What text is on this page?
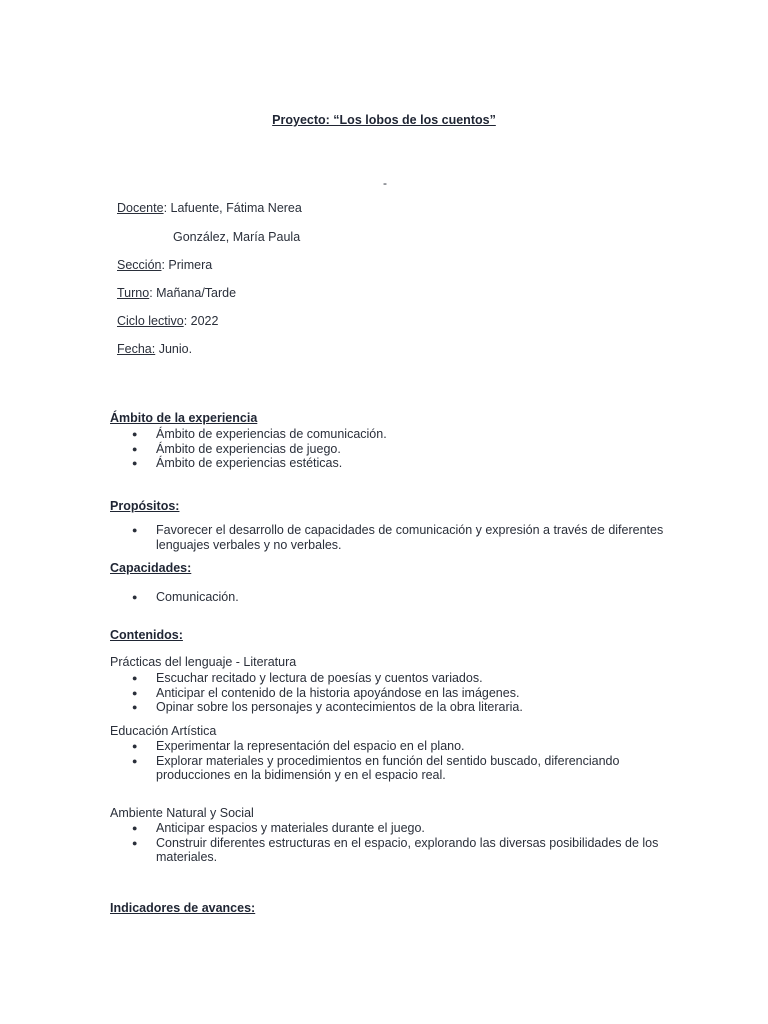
Proyecto: “Los lobos de los cuentos”
-
Docente: Lafuente, Fátima Nerea
González, María Paula
Sección: Primera
Turno: Mañana/Tarde
Ciclo lectivo: 2022
Fecha: Junio.
Ámbito de la experiencia
● Ámbito de experiencias de comunicación.
● Ámbito de experiencias de juego.
● Ámbito de experiencias estéticas.
Propósitos:
● Favorecer el desarrollo de capacidades de comunicación y expresión a través de diferentes lenguajes verbales y no verbales.
Capacidades:
● Comunicación.
Contenidos:
Prácticas del lenguaje - Literatura
● Escuchar recitado y lectura de poesías y cuentos variados.
● Anticipar el contenido de la historia apoyándose en las imágenes.
● Opinar sobre los personajes y acontecimientos de la obra literaria.
Educación Artística
● Experimentar la representación del espacio en el plano.
● Explorar materiales y procedimientos en función del sentido buscado, diferenciando producciones en la bidimensión y en el espacio real.
Ambiente Natural y Social
● Anticipar espacios y materiales durante el juego.
● Construir diferentes estructuras en el espacio, explorando las diversas posibilidades de los materiales.
Indicadores de avances:
